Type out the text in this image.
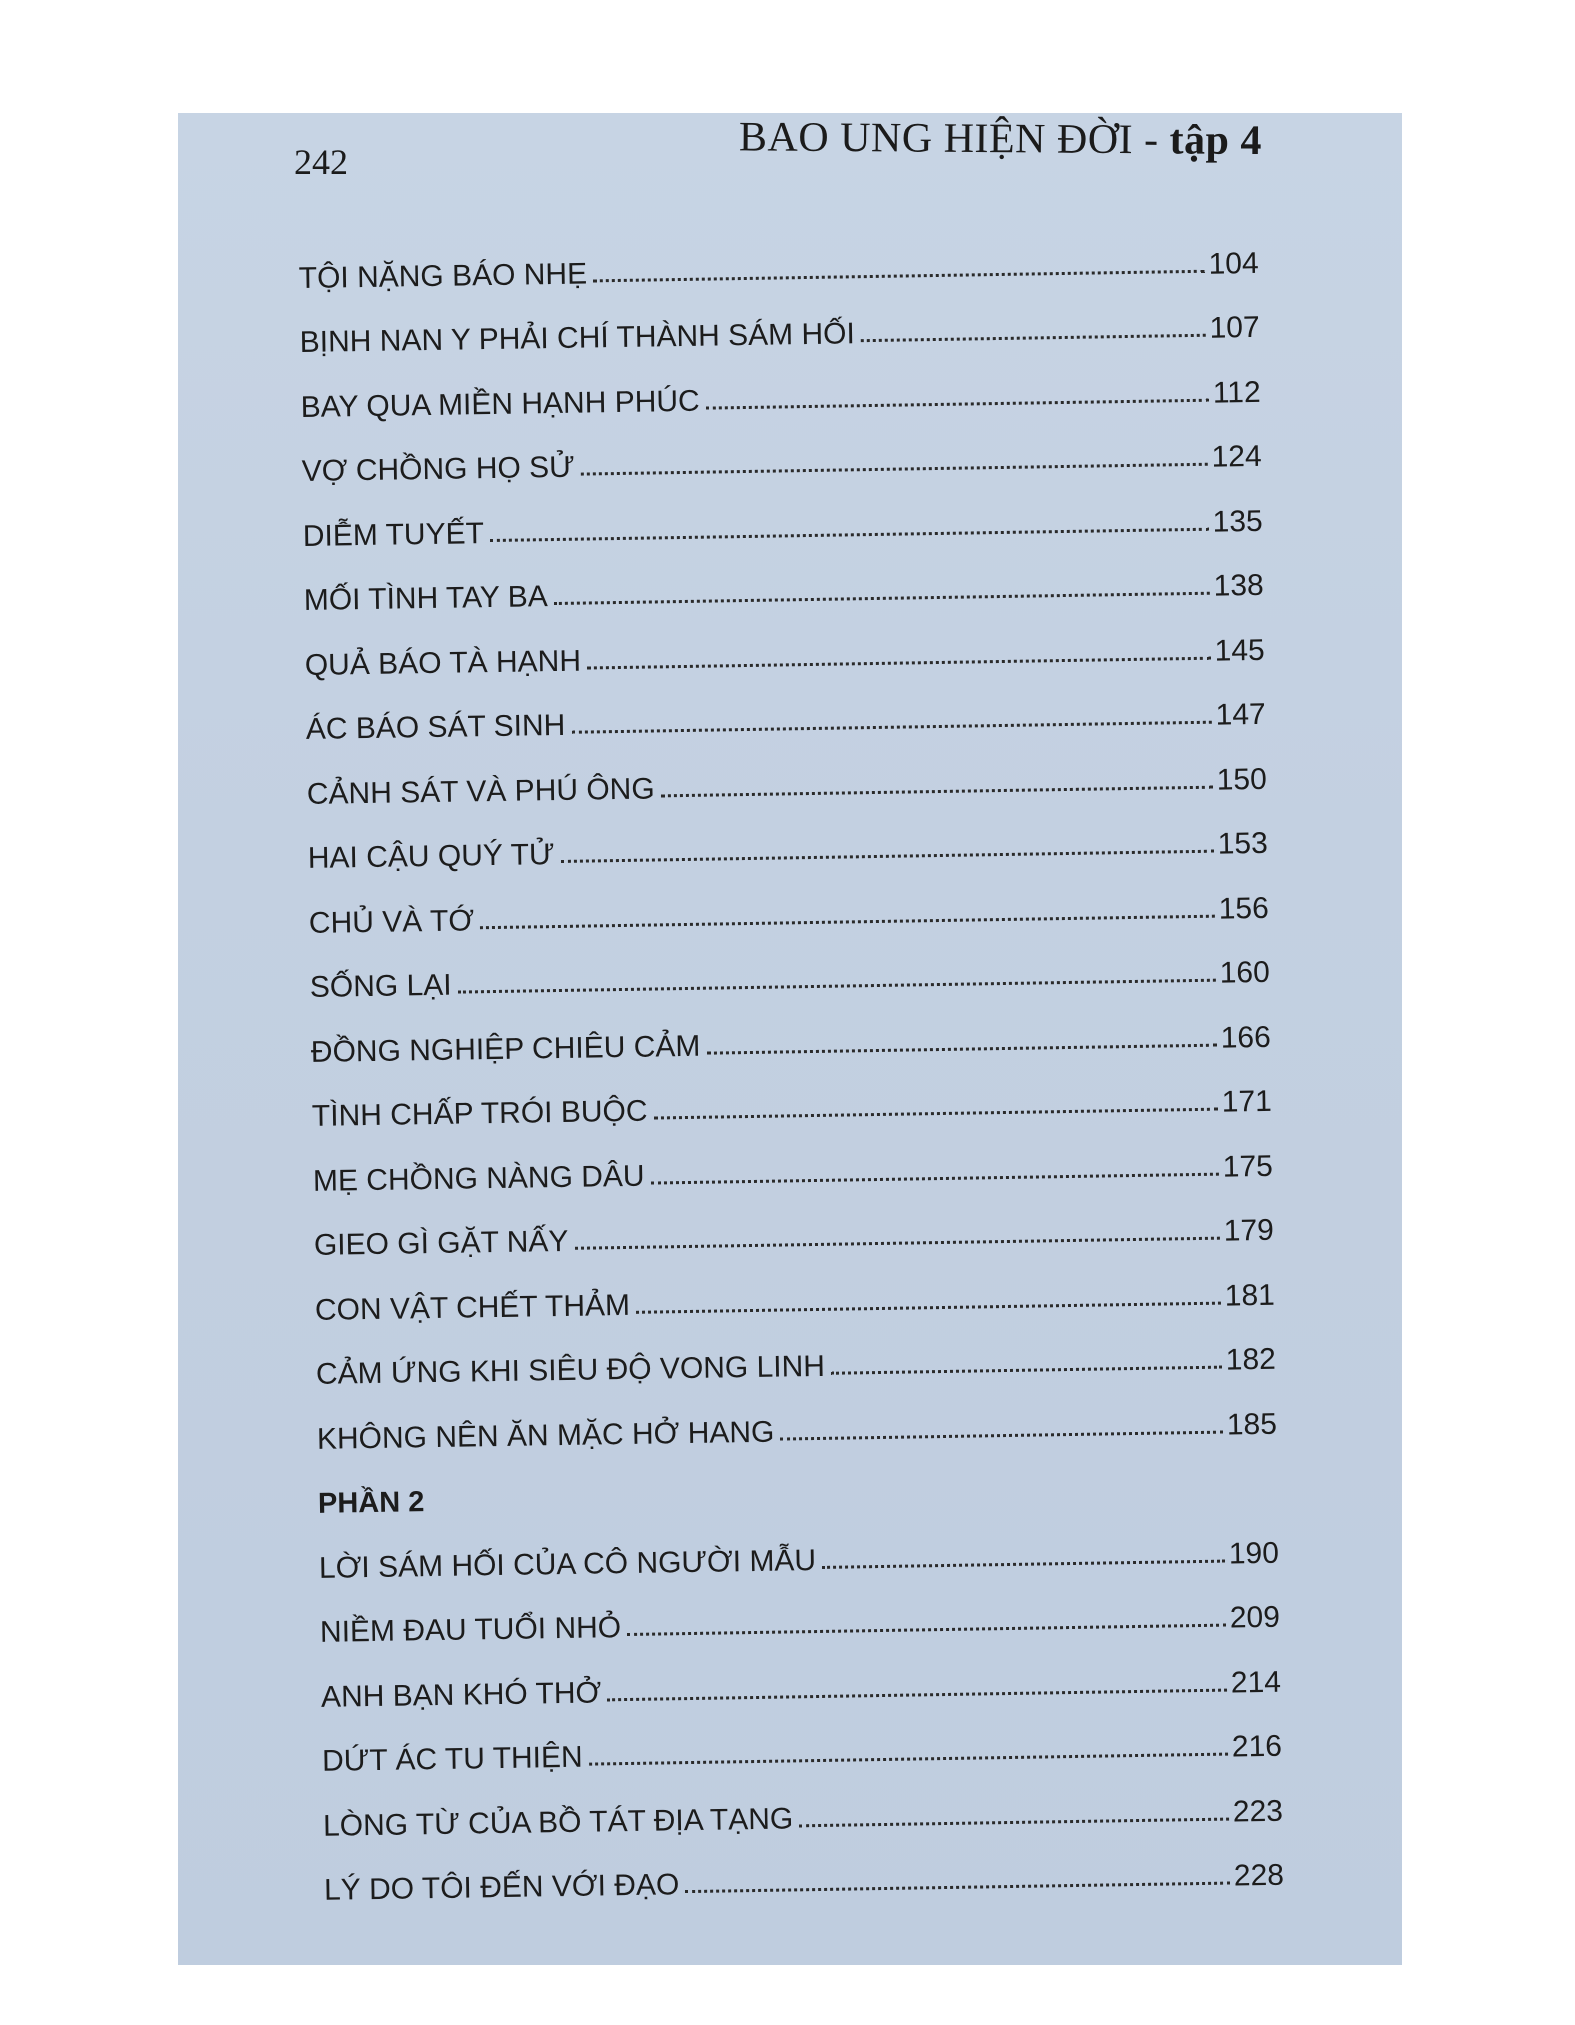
242	BAO UNG HIỆN ĐỜI - tập 4
TỘI NẶNG BÁO NHẸ	104
BỊNH NAN Y PHẢI CHÍ THÀNH SÁM HỐI	107
BAY QUA MIỀN HẠNH PHÚC	112
VỢ CHỒNG HỌ SỬ	124
DIỄM TUYẾT	135
MỐI TÌNH TAY BA	138
QUẢ BÁO TÀ HẠNH	145
ÁC BÁO SÁT SINH	147
CẢNH SÁT VÀ PHÚ ÔNG	150
HAI CẬU QUÝ TỬ	153
CHỦ VÀ TỚ	156
SỐNG LẠI	160
ĐỒNG NGHIỆP CHIÊU CẢM	166
TÌNH CHẤP TRÓI BUỘC	171
MẸ CHỒNG NÀNG DÂU	175
GIEO GÌ GẶT NẤY	179
CON VẬT CHẾT THẢM	181
CẢM ỨNG KHI SIÊU ĐỘ VONG LINH	182
KHÔNG NÊN ĂN MẶC HỞ HANG	185
PHẦN 2
LỜI SÁM HỐI CỦA CÔ NGƯỜI MẪU	190
NIỀM ĐAU TUỔI NHỎ	209
ANH BẠN KHÓ THỞ	214
DỨT ÁC TU THIỆN	216
LÒNG TỪ CỦA BỒ TÁT ĐỊA TẠNG	223
LÝ DO TÔI ĐẾN VỚI ĐẠO	228
